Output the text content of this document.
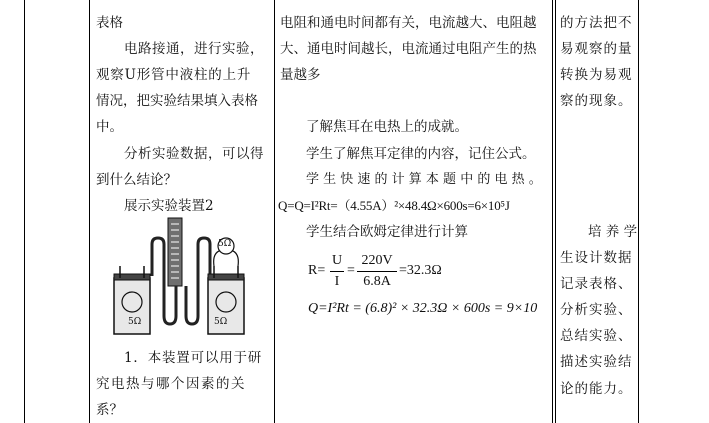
表格
电路接通，进行实验，
观察U形管中液柱的上升
情况，把实验结果填入表格
中。
分析实验数据，可以得
到什么结论？
展示实验装置2
5Ω
5Ω	5Ω
1．本装置可以用于研
究电热与哪个因素的关
系？
电阻和通电时间都有关，电流越大、电阻越
大、通电时间越长，电流通过电阻产生的热
量越多
了解焦耳在电热上的成就。
学生了解焦耳定律的内容，记住公式。
学 生 快 速 的 计 算 本 题 中 的 电 热 。
Q=Q=I²Rt=（4.55A）²×48.4Ω×600s=6×10⁵J
学生结合欧姆定律进行计算
R=
U
I
=
220V
6.8A
=32.3Ω
Q=I²Rt = (6.8)² × 32.3Ω × 600s = 9×10
的方法把不
易观察的量
转换为易观
察的现象。
培 养 学
生设计数据
记录表格、
分析实验、
总结实验、
描述实验结
论的能力。
